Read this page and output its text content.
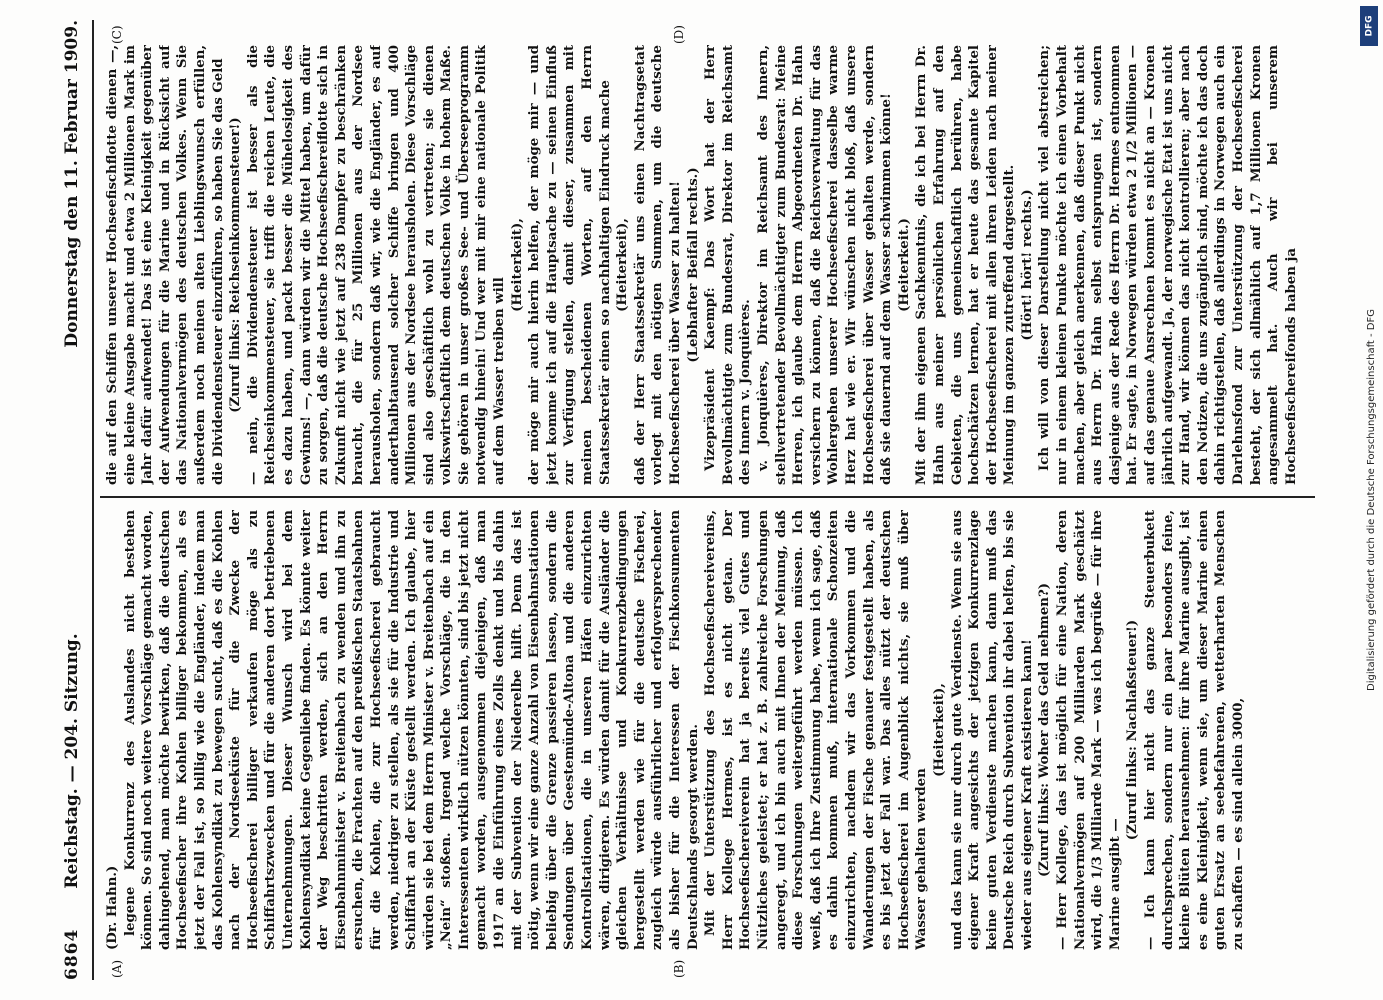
6864
Reichstag. — 204. Sitzung.
Donnerstag den 11. Februar 1909.
(A)	(B)
(C)	(D)

(Dr. Hahn.) legene Konkurrenz des Auslandes nicht bestehen können. So sind noch weitere Vorschläge gemacht worden, dahingehend, man möchte bewirken, daß die deutschen Hochseefischer ihre Kohlen billiger bekommen, als es jetzt der Fall ist, so billig wie die Engländer, indem man das Kohlensyndikat zu bewegen sucht, daß es die Kohlen nach der Nordseeküste für die Zwecke der Hochseefischerei billiger verkaufen möge als zu Schiffahrtszwecken und für die anderen dort betriebenen Unternehmungen. Dieser Wunsch wird bei dem Kohlensyndikat keine Gegenliebe finden. Es könnte weiter der Weg beschritten werden, sich an den Herrn Eisenbahnminister v. Breitenbach zu wenden und ihn zu ersuchen, die Frachten auf den preußischen Staatsbahnen für die Kohlen, die zur Hochseefischerei gebraucht werden, niedriger zu stellen, als sie für die Industrie und Schiffahrt an der Küste gestellt werden. Ich glaube, hier würden sie bei dem Herrn Minister v. Breitenbach auf ein „Nein“ stoßen. Irgend welche Vorschläge, die in den Interessenten wirklich nützen könnten, sind bis jetzt nicht gemacht worden, ausgenommen diejenigen, daß man 1917 an die Einführung eines Zolls denkt und bis dahin mit der Subvention der Niederelbe hilft. Denn das ist nötig, wenn wir eine ganze Anzahl von Eisenbahnstationen beliebig über die Grenze passieren lassen, sondern die Sendungen über Geestemünde-Altona und die anderen Kontrollstationen, die in unseren Häfen einzurichten wären, dirigieren. Es würden damit für die Ausländer die gleichen Verhältnisse und Konkurrenzbedingungen hergestellt werden wie für die deutsche Fischerei, zugleich würde ausführlicher und erfolgversprechender als bisher für die Interessen der Fischkonsumenten Deutschlands gesorgt werden. Mit der Unterstützung des Hochseefischereivereins, Herr Kollege Hermes, ist es nicht getan. Der Hochseefischereiverein hat ja bereits viel Gutes und Nützliches geleistet; er hat z. B. zahlreiche Forschungen angeregt, und ich bin auch mit Ihnen der Meinung, daß diese Forschungen weitergeführt werden müssen. Ich weiß, daß ich Ihre Zustimmung habe, wenn ich sage, daß es dahin kommen muß, internationale Schonzeiten einzurichten, nachdem wir das Vorkommen und die Wanderungen der Fische genauer festgestellt haben, als es bis jetzt der Fall war. Das alles nützt der deutschen Hochseefischerei im Augenblick nichts, sie muß über Wasser gehalten werden

(Heiterkeit), und das kann sie nur durch gute Verdienste. Wenn sie aus eigener Kraft angesichts der jetzigen Konkurrenzlage keine guten Verdienste machen kann, dann muß das Deutsche Reich durch Subvention ihr dabei helfen, bis sie wieder aus eigener Kraft existieren kann! (Zuruf links: Woher das Geld nehmen?) — Herr Kollege, das ist möglich für eine Nation, deren Nationalvermögen auf 200 Milliarden Mark geschätzt wird, die 1/3 Milliarde Mark — was ich begrüße — für ihre Marine ausgibt —

(Zuruf links: Nachlaßsteuer!) — Ich kann hier nicht das ganze Steuerbukett durchsprechen, sondern nur ein paar besonders feine, kleine Blüten herausnehmen: für ihre Marine ausgibt, ist es eine Kleinigkeit, wenn sie, um dieser Marine einen guten Ersatz an seebefahrenen, wetterharten Menschen zu schaffen — es sind allein 3000,

die auf den Schiffen unserer Hochseefischflotte dienen —, eine kleine Ausgabe macht und etwa 2 Millionen Mark im Jahr dafür aufwendet! Das ist eine Kleinigkeit gegenüber der Aufwendungen für die Marine und in Rücksicht auf das Nationalvermögen des deutschen Volkes. Wenn Sie außerdem noch meinen alten Lieblingswunsch erfüllen, die Dividendensteuer einzuführen, so haben Sie das Geld (Zuruf links: Reichseinkommensteuer!) — nein, die Dividendensteuer ist besser als die Reichseinkommensteuer, sie trifft die reichen Leute, die es dazu haben, und packt besser die Mühelosigkeit des Gewinns! —, dann würden wir die Mittel haben, um dafür zu sorgen, daß die deutsche Hochseefischereiflotte sich in Zukunft nicht wie jetzt auf 238 Dampfer zu beschränken braucht, die für 25 Millionen aus der Nordsee herausholen, sondern daß wir, wie die Engländer, es auf anderthalbtausend solcher Schiffe bringen und 400 Millionen aus der Nordsee herausholen. Diese Vorschläge sind also geschäftlich wohl zu vertreten; sie dienen volkswirtschaftlich dem deutschen Volke in hohem Maße. Sie gehören in unser großes See- und Überseeprogramm notwendig hinein! Und wer mit mir eine nationale Politik auf dem Wasser treiben will

(Heiterkeit), der möge mir auch hierin helfen, der möge mir — und jetzt komme ich auf die Hauptsache zu — seinen Einfluß zur Verfügung stellen, damit dieser, zusammen mit meinen bescheidenen Worten, auf den Herrn Staatssekretär einen so nachhaltigen Eindruck mache (Heiterkeit), daß der Herr Staatssekretär uns einen Nachtragsetat vorlegt mit den nötigen Summen, um die deutsche Hochseefischerei über Wasser zu halten! (Lebhafter Beifall rechts.) Vizepräsident Kaempf: Das Wort hat der Herr Bevollmächtigte zum Bundesrat, Direktor im Reichsamt des Innern v. Jonquières. v. Jonquières, Direktor im Reichsamt des Innern, stellvertretender Bevollmächtigter zum Bundesrat: Meine Herren, ich glaube dem Herrn Abgeordneten Dr. Hahn versichern zu können, daß die Reichsverwaltung für das Wohlergehen unserer Hochseefischerei dasselbe warme Herz hat wie er. Wir wünschen nicht bloß, daß unsere Hochseefischerei über Wasser gehalten werde, sondern daß sie dauernd auf dem Wasser schwimmen könne! (Heiterkeit.) Mit der ihm eigenen Sachkenntnis, die ich bei Herrn Dr. Hahn aus meiner persönlichen Erfahrung auf den Gebieten, die uns gemeinschaftlich berühren, habe hochschätzen lernen, hat er heute das gesamte Kapitel der Hochseefischerei mit allen ihren Leiden nach meiner Meinung im ganzen zutreffend dargestellt. (Hört! hört! rechts.) Ich will von dieser Darstellung nicht viel abstreichen; nur in einem kleinen Punkte möchte ich einen Vorbehalt machen, aber gleich anerkennen, daß dieser Punkt nicht aus Herrn Dr. Hahn selbst entsprungen ist, sondern dasjenige aus der Rede des Herrn Dr. Hermes entnommen hat. Er sagte, in Norwegen würden etwa 2 1/2 Millionen — auf das genaue Ansrechnen kommt es nicht an — Kronen jährlich aufgewandt. Ja, der norwegische Etat ist uns nicht zur Hand, wir können das nicht kontrollieren; aber nach den Notizen, die uns zugänglich sind, möchte ich das doch dahin richtigstellen, daß allerdings in Norwegen auch ein Darlehnsfond zur Unterstützung der Hochseefischerei besteht, der sich allmählich auf 1,7 Millionen Kronen angesammelt hat. Auch wir bei unserem Hochseefischereifonds haben ja

DFG
Digitalisierung gefördert durch die Deutsche Forschungsgemeinschaft - DFG
